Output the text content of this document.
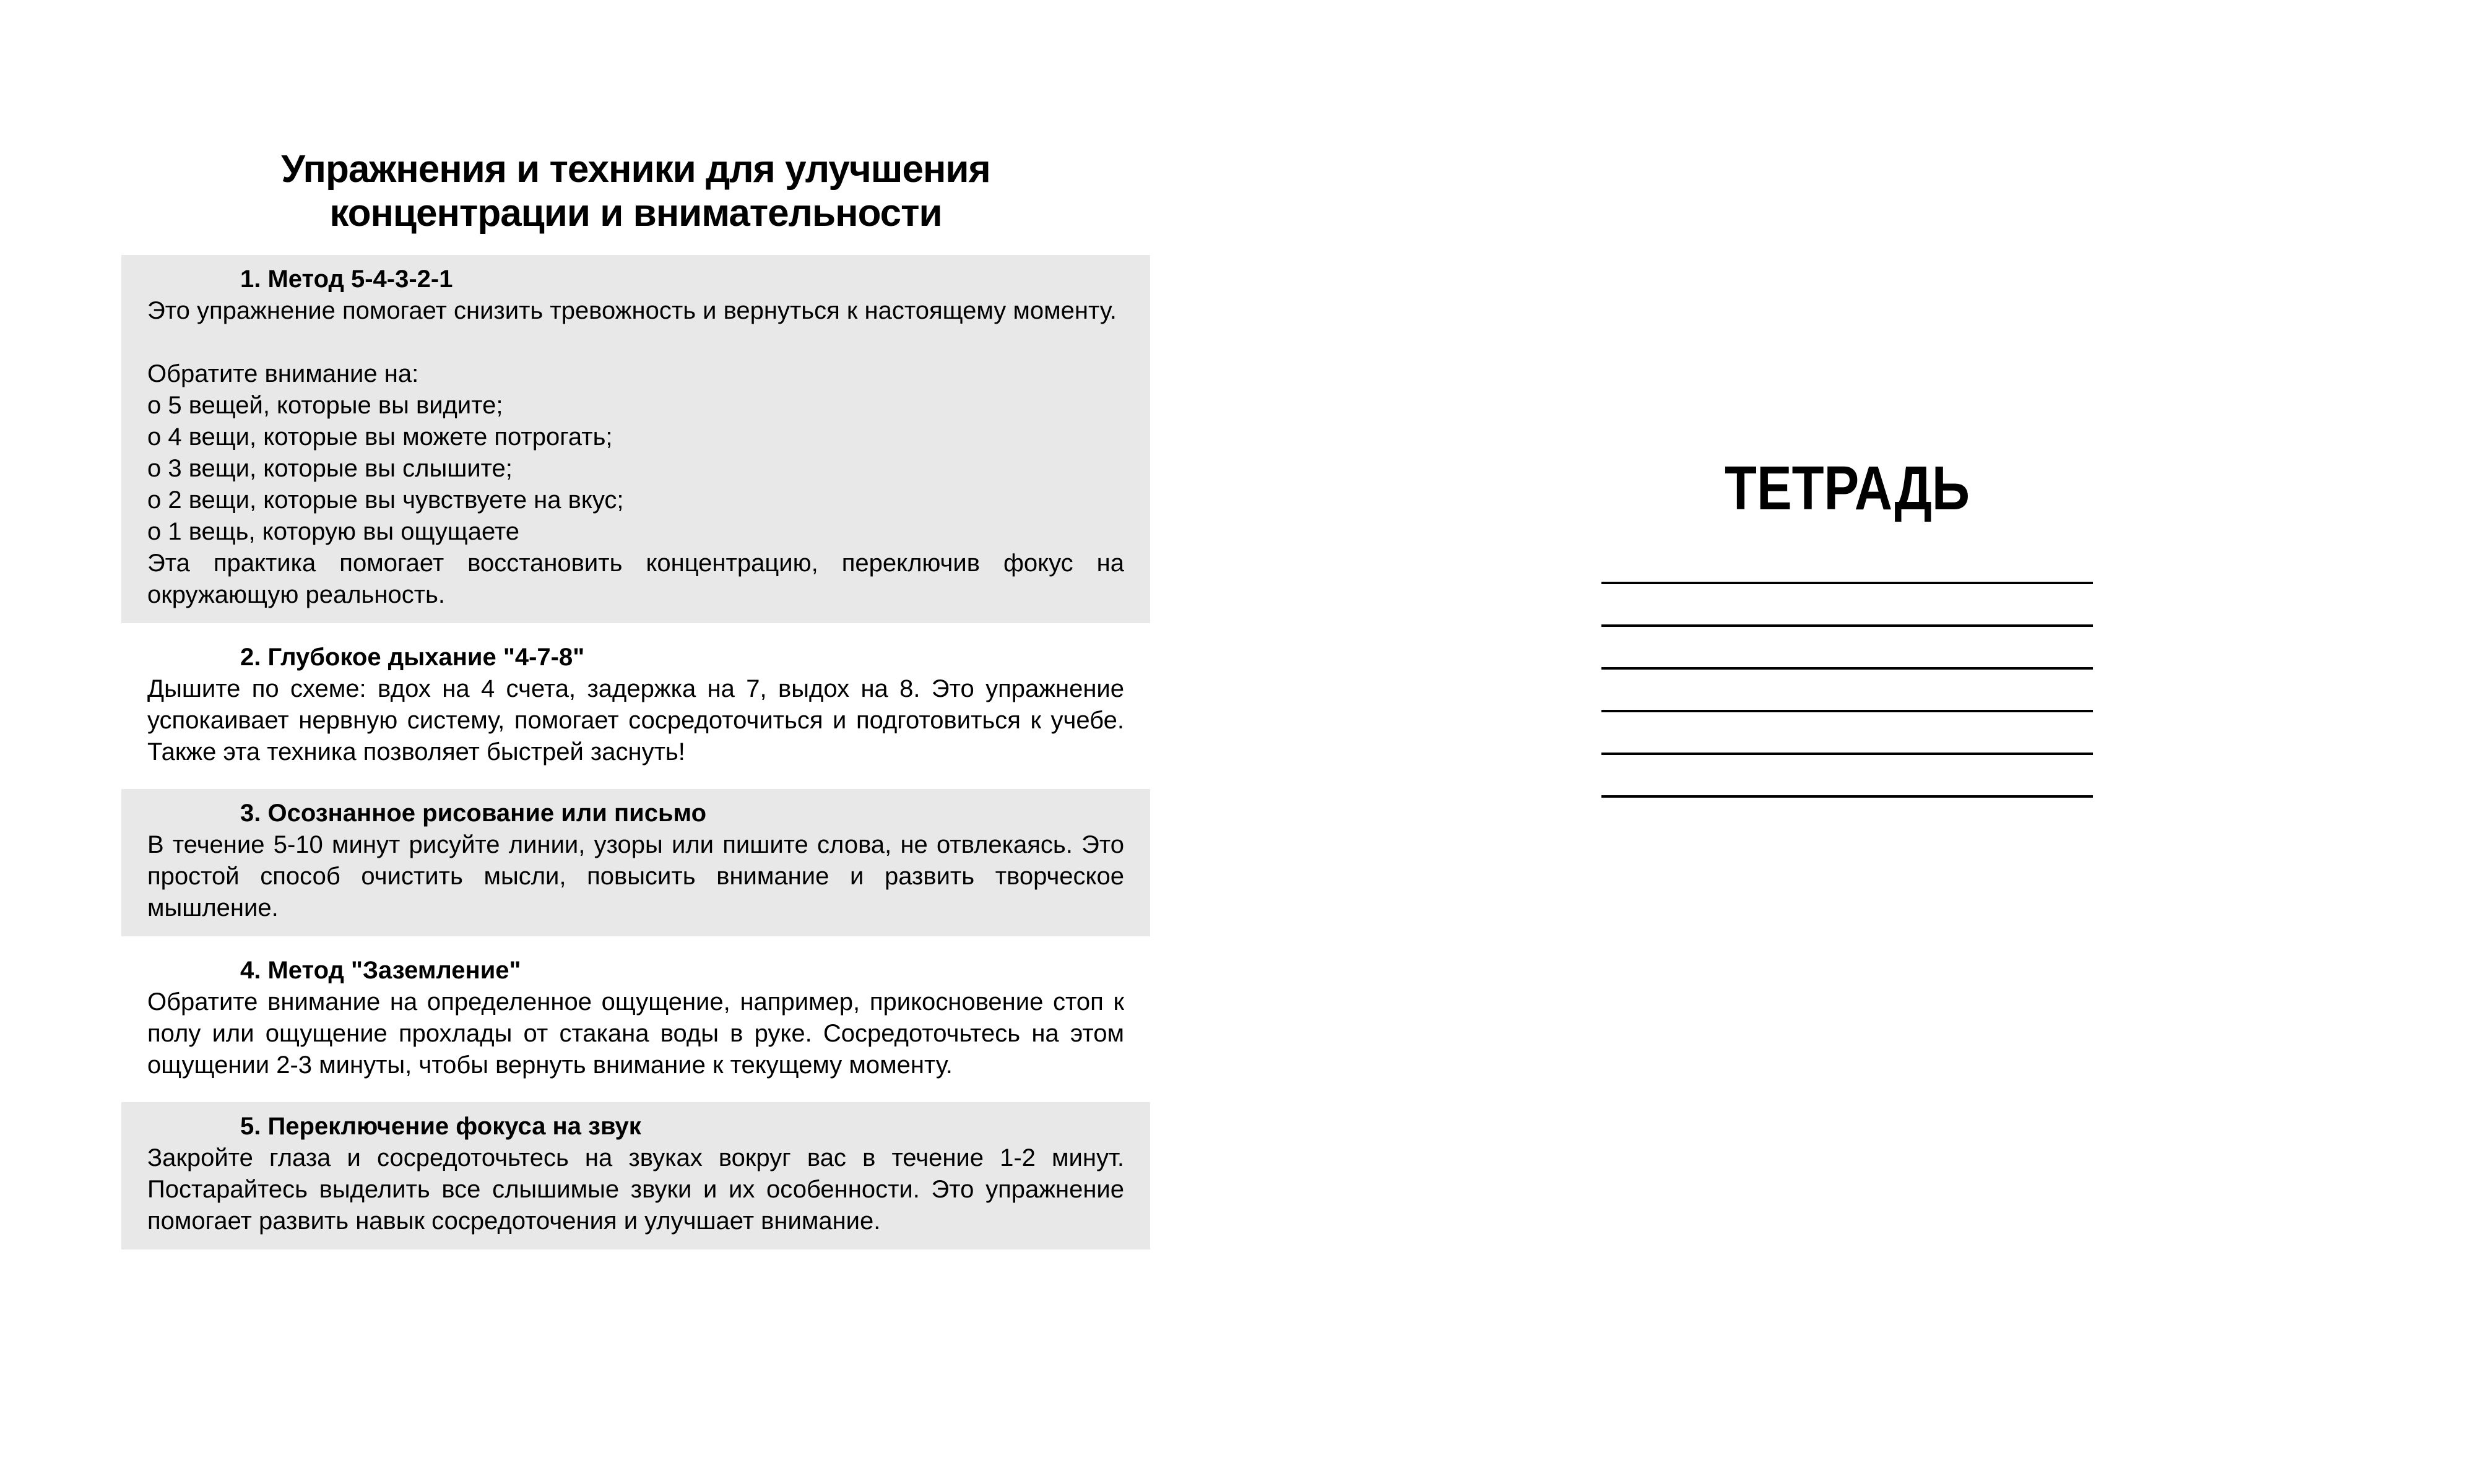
Упражнения и техники для улучшения
концентрации и внимательности
1. Метод 5-4-3-2-1

Это упражнение помогает снизить тревожность и вернуться к настоящему моменту.

Обратите внимание на:

o 5 вещей, которые вы видите;
o 4 вещи, которые вы можете потрогать;
o 3 вещи, которые вы слышите;
o 2 вещи, которые вы чувствуете на вкус;
o 1 вещь, которую вы ощущаете

Эта практика помогает восстановить концентрацию, переключив фокус на окружающую реальность.

2. Глубокое дыхание "4-7-8"

Дышите по схеме: вдох на 4 счета, задержка на 7, выдох на 8. Это упражнение успокаивает нервную систему, помогает сосредоточиться и подготовиться к учебе. Также эта техника позволяет быстрей заснуть!

3. Осознанное рисование или письмо

В течение 5-10 минут рисуйте линии, узоры или пишите слова, не отвлекаясь. Это простой способ очистить мысли, повысить внимание и развить творческое мышление.

4. Метод "Заземление"

Обратите внимание на определенное ощущение, например, прикосновение стоп к полу или ощущение прохлады от стакана воды в руке. Сосредоточьтесь на этом ощущении 2-3 минуты, чтобы вернуть внимание к текущему моменту.

5. Переключение фокуса на звук

Закройте глаза и сосредоточьтесь на звуках вокруг вас в течение 1-2 минут. Постарайтесь выделить все слышимые звуки и их особенности. Это упражнение помогает развить навык сосредоточения и улучшает внимание.

ТЕТРАДЬ
